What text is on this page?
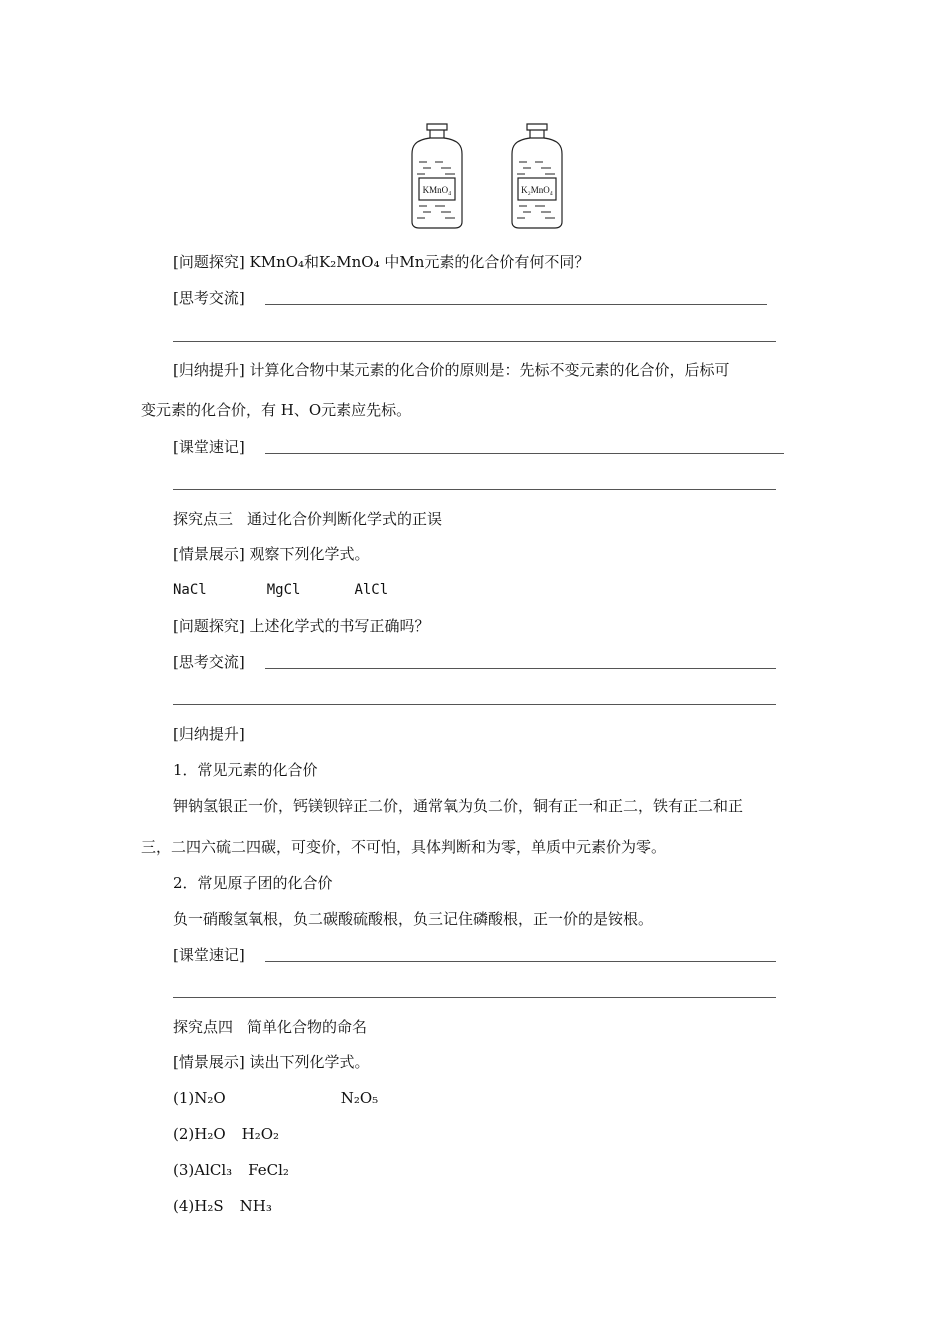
KMnO₄	K₂MnO₄
[问题探究] KMnO₄和K₂MnO₄ 中Mn元素的化合价有何不同？
[思考交流]
[归纳提升] 计算化合物中某元素的化合价的原则是：先标不变元素的化合价，后标可
变元素的化合价，有 H、O元素应先标。
[课堂速记]
探究点三 通过化合价判断化学式的正误
[情景展示] 观察下列化学式。
NaCl	MgCl	AlCl
[问题探究] 上述化学式的书写正确吗？
[思考交流]
[归纳提升]
1．常见元素的化合价
钾钠氢银正一价，钙镁钡锌正二价，通常氧为负二价，铜有正一和正二，铁有正二和正
三，二四六硫二四碳，可变价，不可怕，具体判断和为零，单质中元素价为零。
2．常见原子团的化合价
负一硝酸氢氧根，负二碳酸硫酸根，负三记住磷酸根，正一价的是铵根。
[课堂速记]
探究点四 简单化合物的命名
[情景展示] 读出下列化学式。
(1)N₂O	N₂O₅
(2)H₂O H₂O₂
(3)AlCl₃ FeCl₂
(4)H₂S NH₃
